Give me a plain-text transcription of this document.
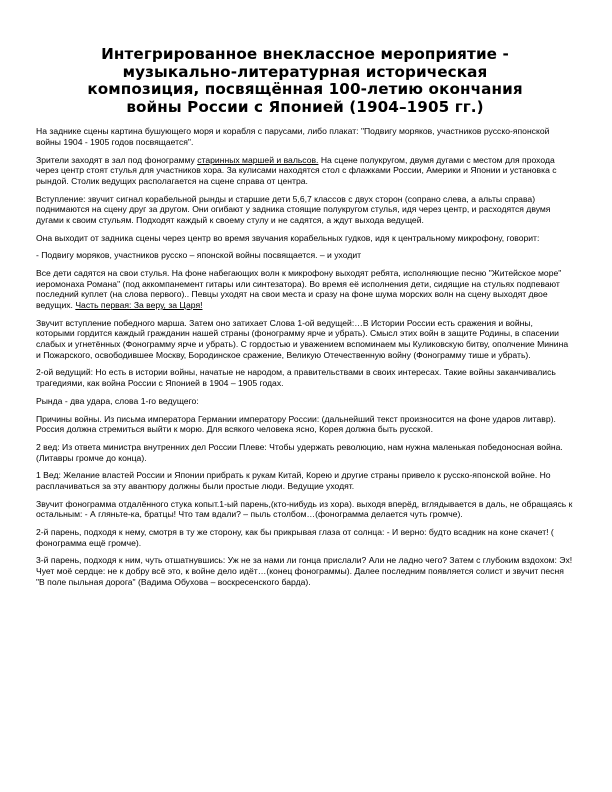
Интегрированное внеклассное мероприятие -
музыкально-литературная историческая
композиция, посвящённая 100-летию окончания
войны России с Японией (1904–1905 гг.)

На заднике сцены картина бушующего моря и корабля с парусами, либо плакат: "Подвигу моряков, участников русско-японской войны 1904 - 1905 годов посвящается".

Зрители заходят в зал под фонограмму старинных маршей и вальсов. На сцене полукругом, двумя дугами с местом для прохода через центр стоят стулья для участников хора. За кулисами находятся стол с флажками России, Америки и Японии и установка с рындой. Столик ведущих располагается на сцене справа от центра.

Вступление: звучит сигнал корабельной рынды и старшие дети 5,6,7 классов с двух сторон (сопрано слева, а альты справа) поднимаются на сцену друг за другом. Они огибают у задника стоящие полукругом стулья, идя через центр, и расходятся двумя дугами к своим стульям. Подходят каждый к своему стулу и не садятся, а ждут выхода ведущей.

Она выходит от задника сцены через центр во время звучания корабельных гудков, идя к центральному микрофону, говорит:

- Подвигу моряков, участников русско – японской войны посвящается. – и уходит

Все дети садятся на свои стулья. На фоне набегающих волн к микрофону выходят ребята, исполняющие песню "Житейское море" иеромонаха Романа" (под аккомпанемент гитары или синтезатора). Во время её исполнения дети, сидящие на стульях подпевают последний куплет (на слова первого).. Певцы уходят на свои места и сразу на фоне шума морских волн на сцену выходят двое ведущих. Часть первая: За веру, за Царя!

Звучит вступление победного марша. Затем оно затихает Слова 1-ой ведущей:…В Истории России есть сражения и войны, которыми гордится каждый гражданин нашей страны (фонограмму ярче и убрать). Смысл этих войн в защите Родины, в спасении слабых и угнетённых (Фонограмму ярче и убрать). С гордостью и уважением вспоминаем мы Куликовскую битву, ополчение Минина и Пожарского, освободившее Москву, Бородинское сражение, Великую Отечественную войну (Фонограмму тише и убрать).

2-ой ведущий: Но есть в истории войны, начатые не народом, а правительствами в своих интересах. Такие войны заканчивались трагедиями, как война России с Японией в 1904 – 1905 годах.

Рында - два удара, слова 1-го ведущего:

Причины войны. Из письма императора Германии императору России: (дальнейший текст произносится на фоне ударов литавр). Россия должна стремиться выйти к морю. Для всякого человека ясно, Корея должна быть русской.

2 вед: Из ответа министра внутренних дел России Плеве: Чтобы удержать революцию, нам нужна маленькая победоносная война. (Литавры громче до конца).

1 Вед: Желание властей России и Японии прибрать к рукам Китай, Корею и другие страны привело к русско-японской войне. Но расплачиваться за эту авантюру должны были простые люди. Ведущие уходят.

Звучит фонограмма отдалённого стука копыт.1-ый парень,(кто-нибудь из хора). выходя вперёд, вглядывается в даль, не обращаясь к остальным: - А гляньте-ка, братцы! Что там вдали? – пыль столбом…(фонограмма делается чуть громче).

2-й парень, подходя к нему, смотря в ту же сторону, как бы прикрывая глаза от солнца: - И верно: будто всадник на коне скачет! ( фонограмма ещё громче).

3-й парень, подходя к ним, чуть отшатнувшись: Уж не за нами ли гонца прислали? Али не ладно чего? Затем с глубоким вздохом: Эх! Чует моё сердце: не к добру всё это, к войне дело идёт…(конец фонограммы). Далее последним появляется солист и звучит песня "В поле пыльная дорога" (Вадима Обухова – воскресенского барда).
